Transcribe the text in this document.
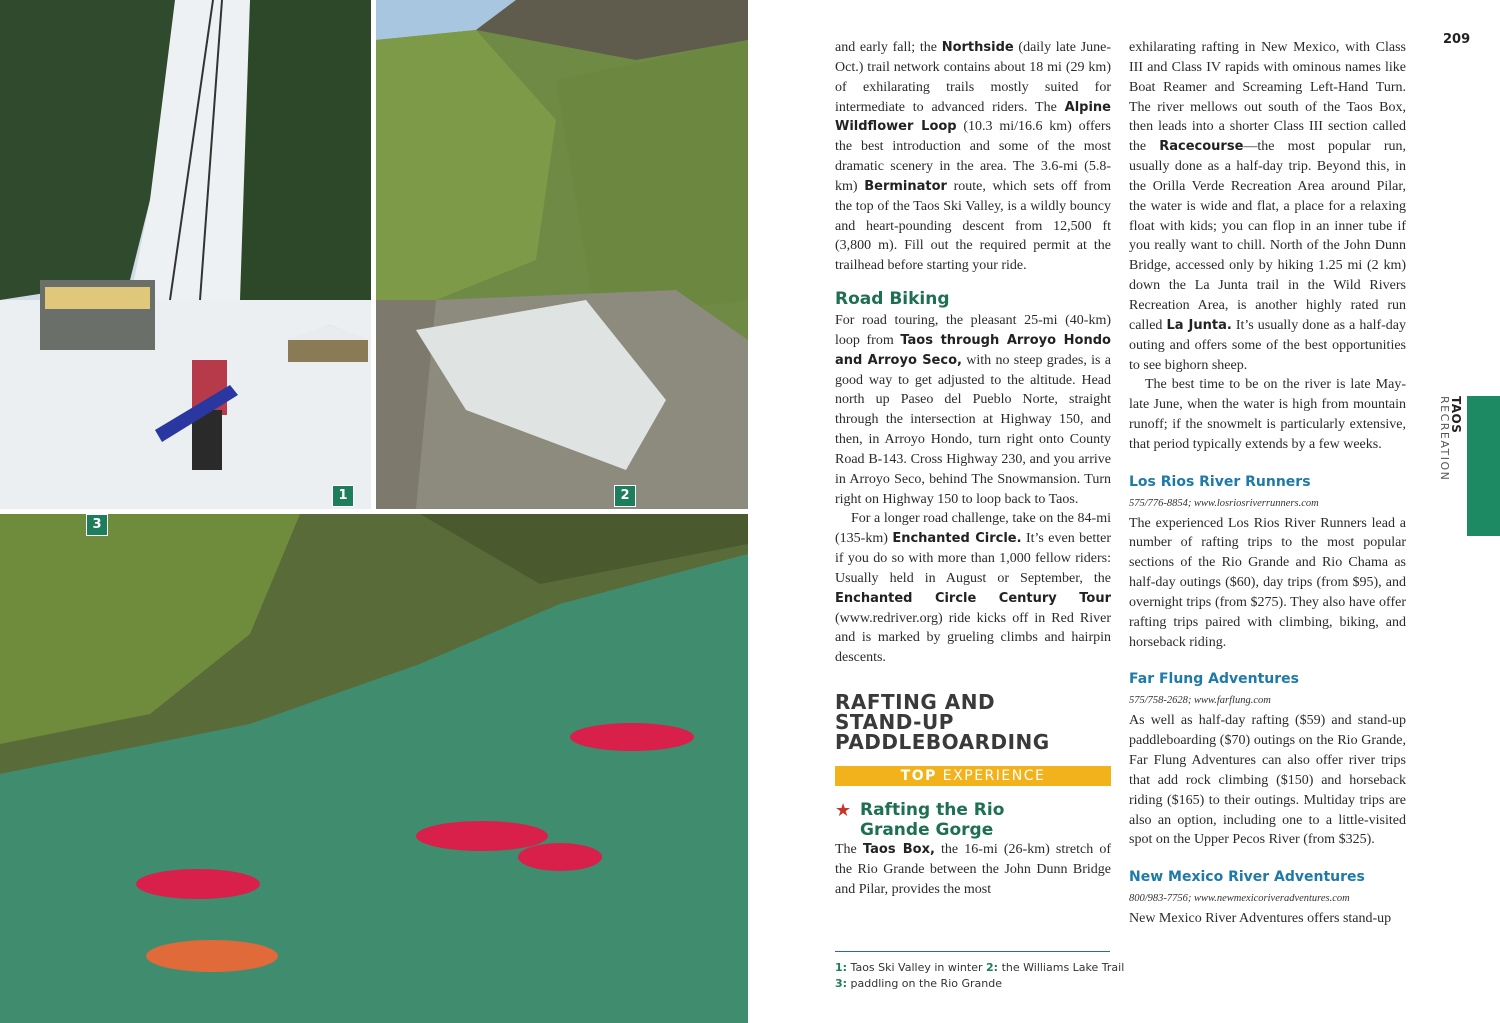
1	2
3

and early fall; the Northside (daily late June-Oct.) trail network contains about 18 mi (29 km) of exhilarating trails mostly suited for intermediate to advanced riders. The Alpine Wildflower Loop (10.3 mi/16.6 km) offers the best introduction and some of the most dramatic scenery in the area. The 3.6-mi (5.8-km) Berminator route, which sets off from the top of the Taos Ski Valley, is a wildly bouncy and heart-pounding descent from 12,500 ft (3,800 m). Fill out the required permit at the trailhead before starting your ride.

Road Biking

For road touring, the pleasant 25-mi (40-km) loop from Taos through Arroyo Hondo and Arroyo Seco, with no steep grades, is a good way to get adjusted to the altitude. Head north up Paseo del Pueblo Norte, straight through the intersection at Highway 150, and then, in Arroyo Hondo, turn right onto County Road B-143. Cross Highway 230, and you arrive in Arroyo Seco, behind The Snowmansion. Turn right on Highway 150 to loop back to Taos.

For a longer road challenge, take on the 84-mi (135-km) Enchanted Circle. It’s even better if you do so with more than 1,000 fellow riders: Usually held in August or September, the Enchanted Circle Century Tour (www.redriver.org) ride kicks off in Red River and is marked by grueling climbs and hairpin descents.

RAFTING AND
STAND-UP
PADDLEBOARDING
TOP EXPERIENCE
★ Rafting the Rio
Grande Gorge

The Taos Box, the 16-mi (26-km) stretch of the Rio Grande between the John Dunn Bridge and Pilar, provides the most

exhilarating rafting in New Mexico, with Class III and Class IV rapids with ominous names like Boat Reamer and Screaming Left-Hand Turn. The river mellows out south of the Taos Box, then leads into a shorter Class III section called the Racecourse—the most popular run, usually done as a half-day trip. Beyond this, in the Orilla Verde Recreation Area around Pilar, the water is wide and flat, a place for a relaxing float with kids; you can flop in an inner tube if you really want to chill. North of the John Dunn Bridge, accessed only by hiking 1.25 mi (2 km) down the La Junta trail in the Wild Rivers Recreation Area, is another highly rated run called La Junta. It’s usually done as a half-day outing and offers some of the best opportunities to see bighorn sheep.

The best time to be on the river is late May-late June, when the water is high from mountain runoff; if the snowmelt is particularly extensive, that period typically extends by a few weeks.

Los Rios River Runners
575/776-8854; www.losriosriverrunners.com

The experienced Los Rios River Runners lead a number of rafting trips to the most popular sections of the Rio Grande and Rio Chama as half-day outings ($60), day trips (from $95), and overnight trips (from $275). They also have offer rafting trips paired with climbing, biking, and horseback riding.

Far Flung Adventures
575/758-2628; www.farflung.com

As well as half-day rafting ($59) and stand-up paddleboarding ($70) outings on the Rio Grande, Far Flung Adventures can also offer river trips that add rock climbing ($150) and horseback riding ($165) to their outings. Multiday trips are also an option, including one to a little-visited spot on the Upper Pecos River (from $325).

New Mexico River Adventures
800/983-7756; www.newmexicoriveradventures.com

New Mexico River Adventures offers stand-up

1: Taos Ski Valley in winter 2: the Williams Lake Trail
3: paddling on the Rio Grande
209
TAOS
RECREATION
